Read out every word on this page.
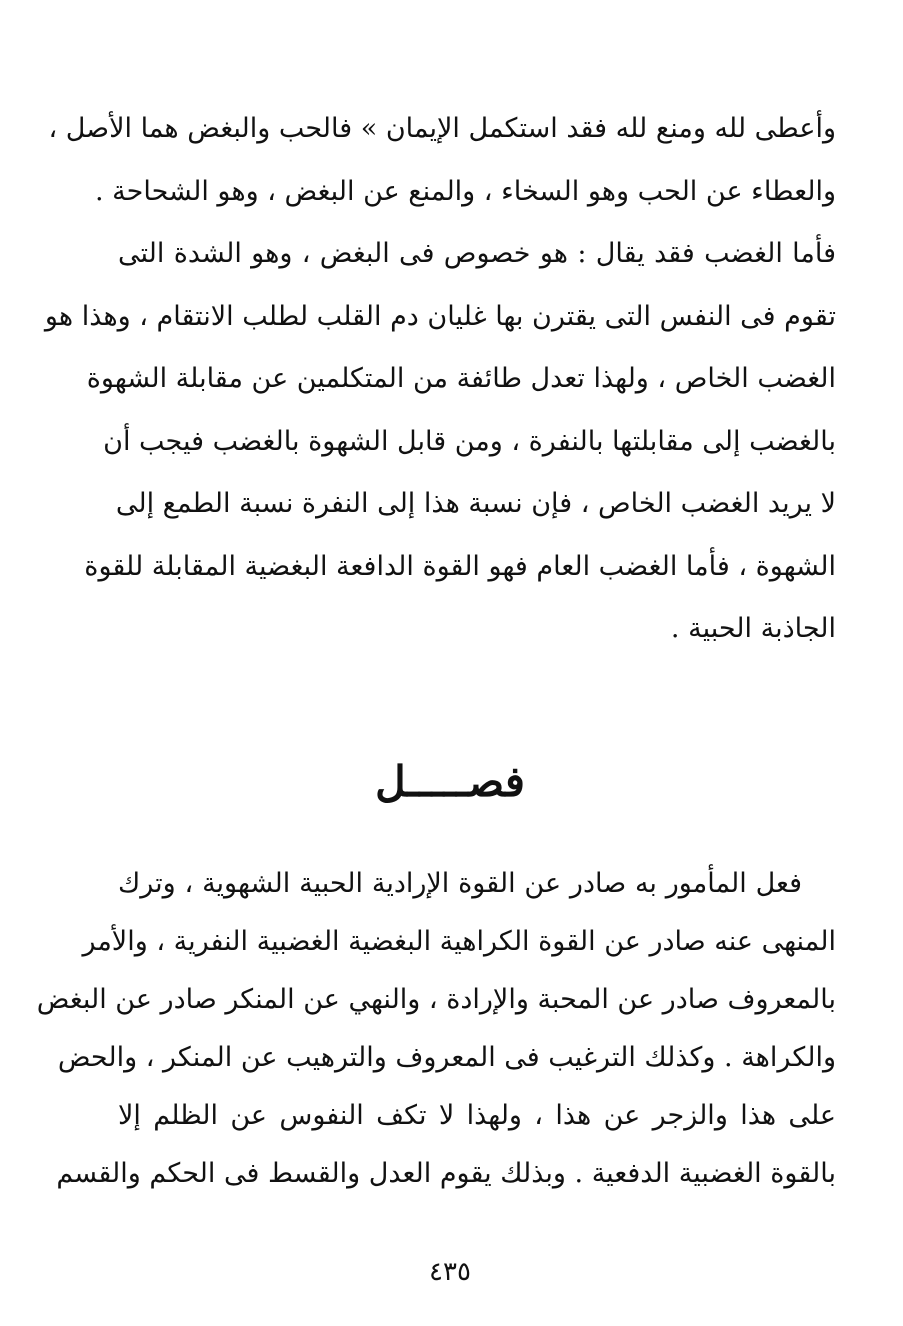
وأعطى لله ومنع لله فقد استكمل الإيمان » فالحب والبغض هما الأصل ،
والعطاء عن الحب وهو السخاء ، والمنع عن البغض ، وهو الشحاحة .
فأما الغضب فقد يقال : هو خصوص فى البغض ، وهو الشدة التى
تقوم فى النفس التى يقترن بها غليان دم القلب لطلب الانتقام ، وهذا هو
الغضب الخاص ، ولهذا تعدل طائفة من المتكلمين عن مقابلة الشهوة
بالغضب إلى مقابلتها بالنفرة ، ومن قابل الشهوة بالغضب فيجب أن
لا يريد الغضب الخاص ، فإن نسبة هذا إلى النفرة نسبة الطمع إلى
الشهوة ، فأما الغضب العام فهو القوة الدافعة البغضية المقابلة للقوة
الجاذبة الحبية .
فصـــــل
فعل المأمور به صادر عن القوة الإرادية الحبية الشهوية ، وترك
المنهى عنه صادر عن القوة الكراهية البغضية الغضبية النفرية ، والأمر
بالمعروف صادر عن المحبة والإرادة ، والنهي عن المنكر صادر عن البغض
والكراهة . وكذلك الترغيب فى المعروف والترهيب عن المنكر ، والحض
على هذا والزجر عن هذا ، ولهذا لا تكف النفوس عن الظلم إلا
بالقوة الغضبية الدفعية . وبذلك يقوم العدل والقسط فى الحكم والقسم
٤٣٥
